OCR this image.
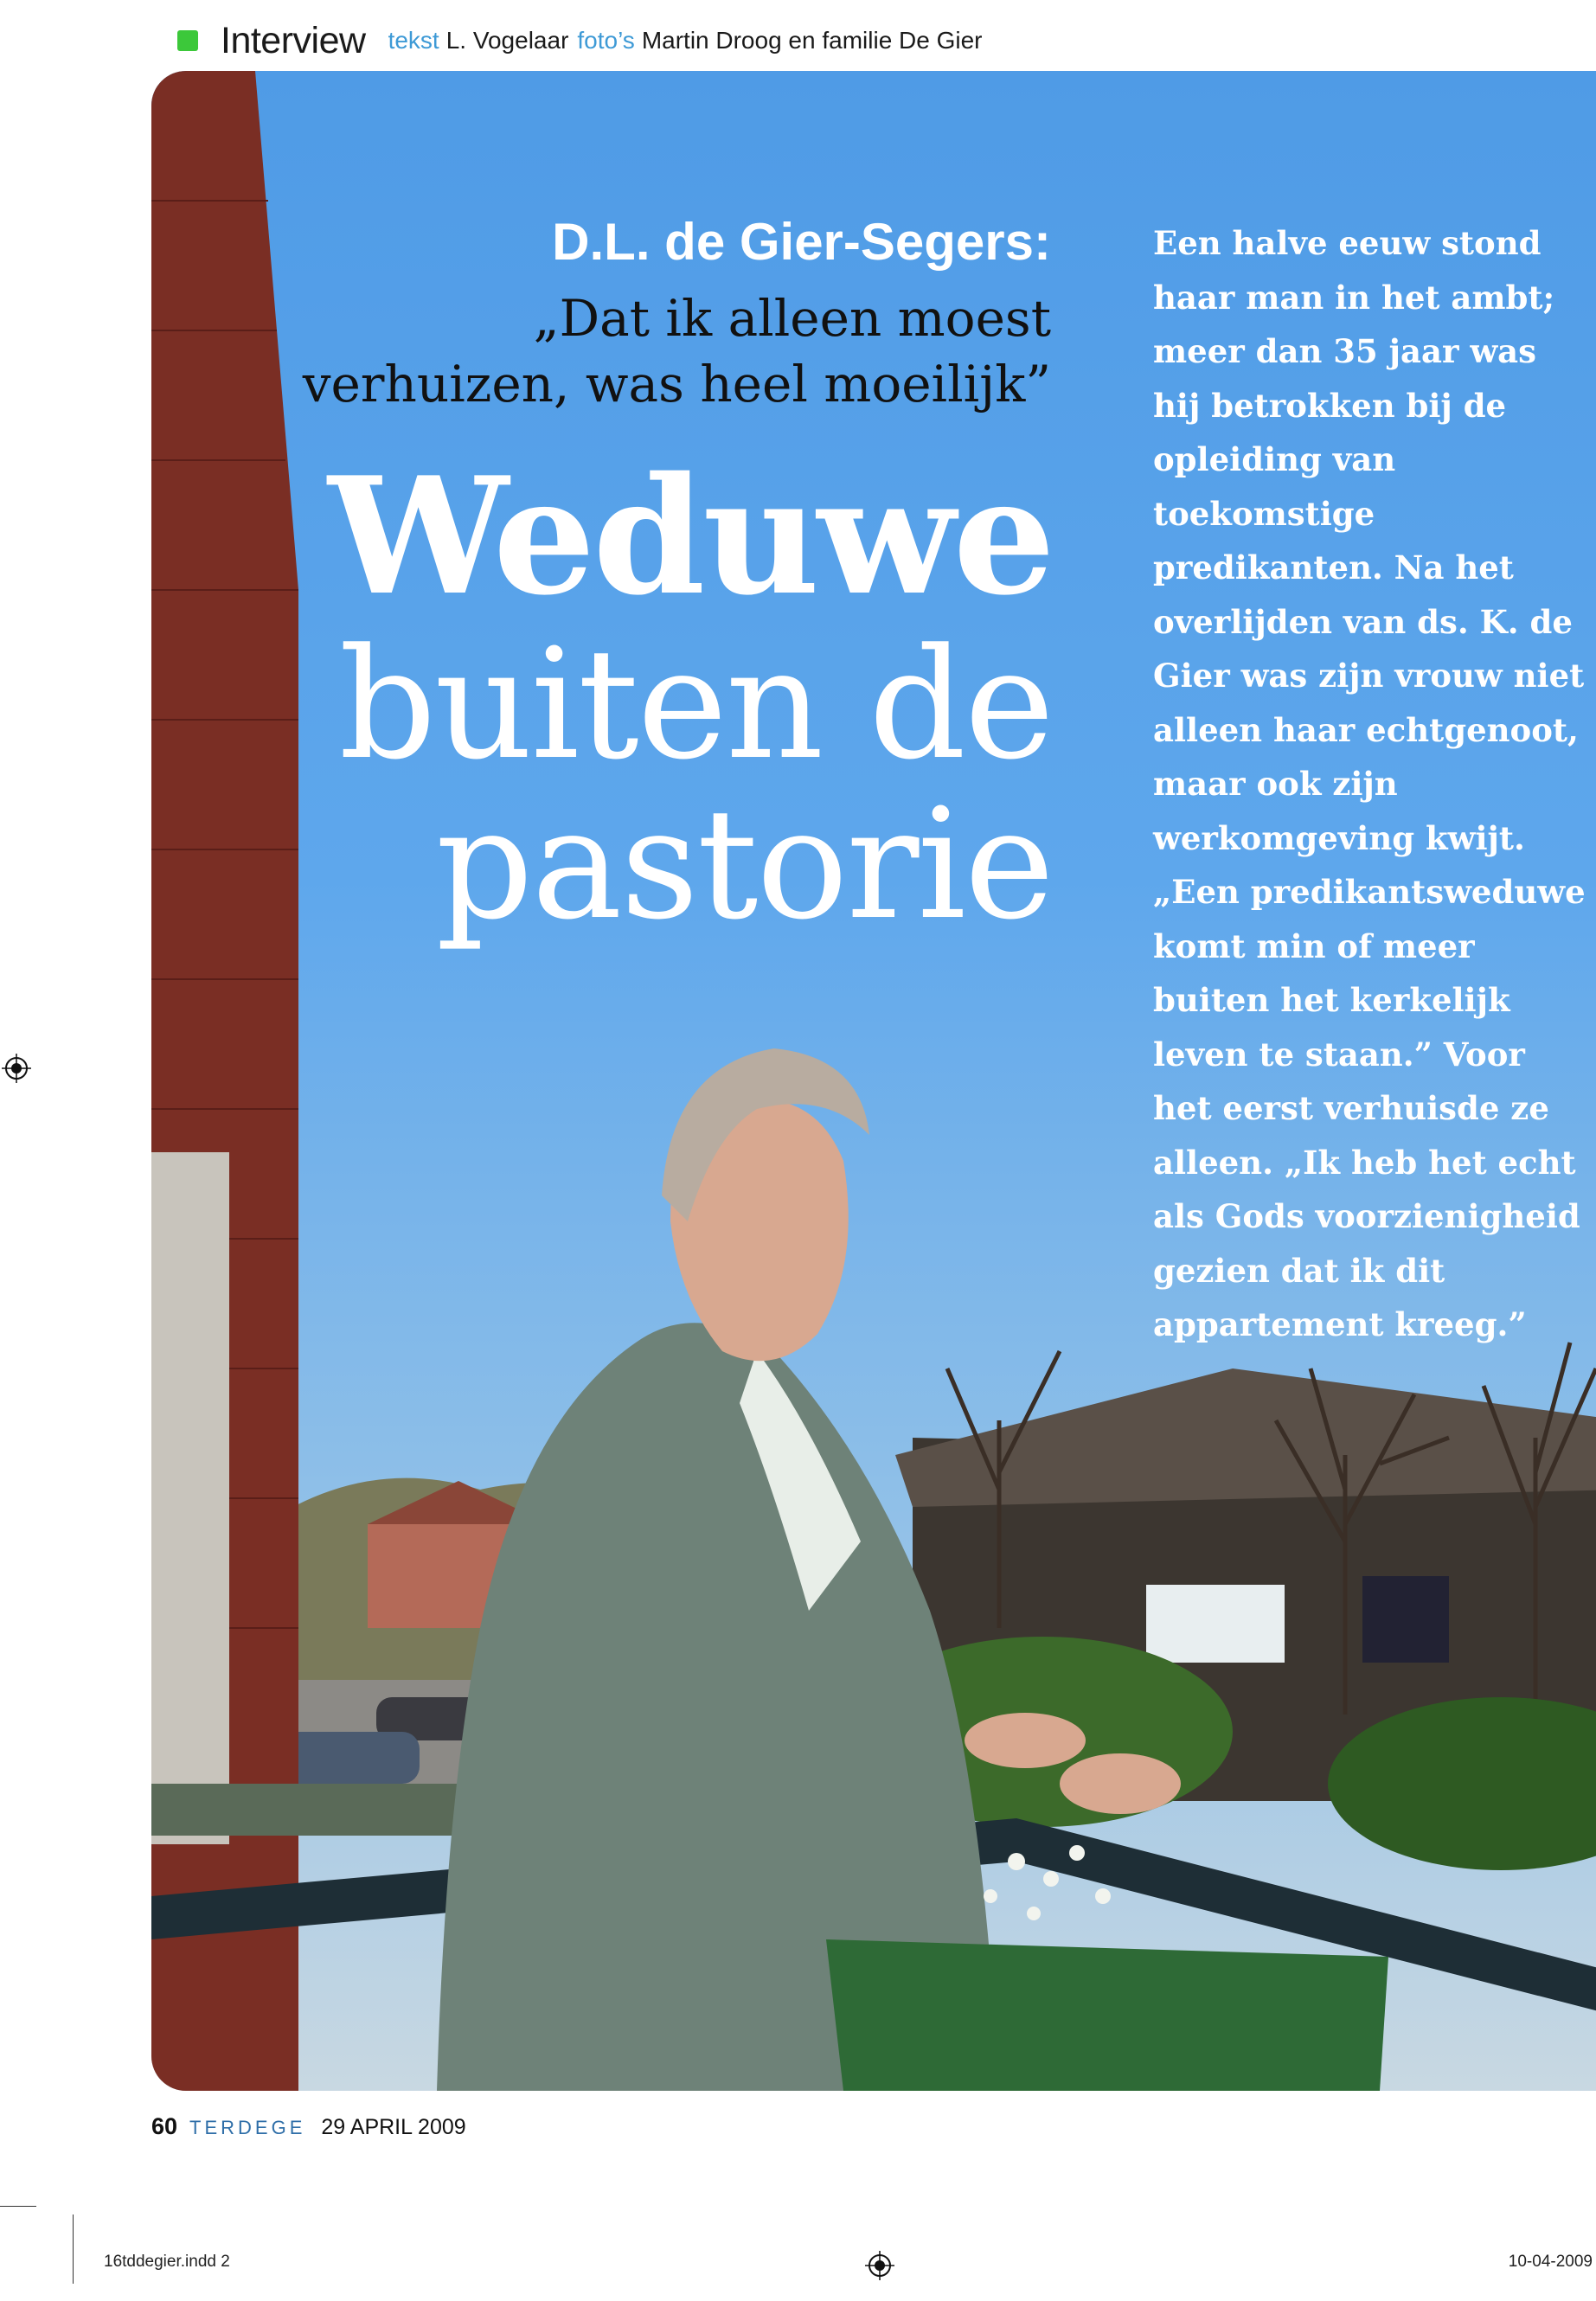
Interview tekst L. Vogelaar foto’s Martin Droog en familie De Gier
D.L. de Gier-Segers:
„Dat ik alleen moest
verhuizen, was heel moeilijk”
Weduwe
buiten de
pastorie
Een halve eeuw stond haar man in het ambt; meer dan 35 jaar was hij betrokken bij de opleiding van toekomstige predikanten. Na het overlijden van ds. K. de Gier was zijn vrouw niet alleen haar echtgenoot, maar ook zijn werkomgeving kwijt. „Een predikantsweduwe komt min of meer buiten het kerkelijk leven te staan.” Voor het eerst verhuisde ze alleen. „Ik heb het echt als Gods voorzienigheid gezien dat ik dit appartement kreeg.”
60 TERDEGE 29 APRIL 2009
16tddegier.indd 2	10-04-2009
